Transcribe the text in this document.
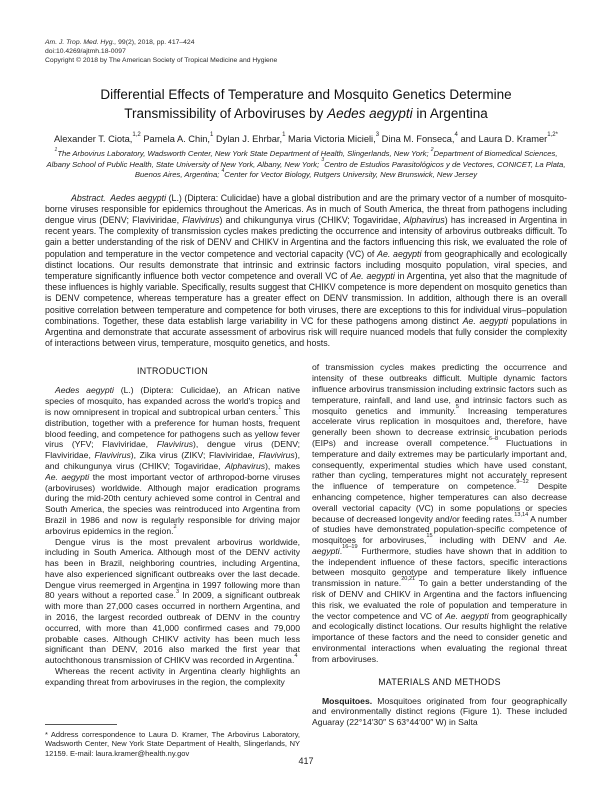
Am. J. Trop. Med. Hyg., 99(2), 2018, pp. 417–424
doi:10.4269/ajtmh.18-0097
Copyright © 2018 by The American Society of Tropical Medicine and Hygiene
Differential Effects of Temperature and Mosquito Genetics Determine Transmissibility of Arboviruses by Aedes aegypti in Argentina
Alexander T. Ciota,$^{1,2}$ Pamela A. Chin,$^1$ Dylan J. Ehrbar,$^1$ Maria Victoria Micieli,$^3$ Dina M. Fonseca,$^4$ and Laura D. Kramer$^{1,2*}$
$^1$The Arbovirus Laboratory, Wadsworth Center, New York State Department of Health, Slingerlands, New York; $^2$Department of Biomedical Sciences, Albany School of Public Health, State University of New York, Albany, New York; $^3$Centro de Estudios Parasitológicos y de Vectores, CONICET, La Plata, Buenos Aires, Argentina; $^4$Center for Vector Biology, Rutgers University, New Brunswick, New Jersey

Abstract.  Aedes aegypti (L.) (Diptera: Culicidae) have a global distribution and are the primary vector of a number of mosquito-borne viruses responsible for epidemics throughout the Americas. As in much of South America, the threat from pathogens including dengue virus (DENV; Flaviviridae, Flavivirus) and chikungunya virus (CHIKV; Togaviridae, Alphavirus) has increased in Argentina in recent years. The complexity of transmission cycles makes predicting the occurrence and intensity of arbovirus outbreaks difficult. To gain a better understanding of the risk of DENV and CHIKV in Argentina and the factors influencing this risk, we evaluated the role of population and temperature in the vector competence and vectorial capacity (VC) of Ae. aegypti from geographically and ecologically distinct locations. Our results demonstrate that intrinsic and extrinsic factors including mosquito population, viral species, and temperature significantly influence both vector competence and overall VC of Ae. aegypti in Argentina, yet also that the magnitude of these influences is highly variable. Specifically, results suggest that CHIKV competence is more dependent on mosquito genetics than is DENV competence, whereas temperature has a greater effect on DENV transmission. In addition, although there is an overall positive correlation between temperature and competence for both viruses, there are exceptions to this for individual virus–population combinations. Together, these data establish large variability in VC for these pathogens among distinct Ae. aegypti populations in Argentina and demonstrate that accurate assessment of arbovirus risk will require nuanced models that fully consider the complexity of interactions between virus, temperature, mosquito genetics, and hosts.

INTRODUCTION

Aedes aegypti (L.) (Diptera: Culicidae), an African native species of mosquito, has expanded across the world's tropics and is now omnipresent in tropical and subtropical urban centers.$^1$ This distribution, together with a preference for human hosts, frequent blood feeding, and competence for pathogens such as yellow fever virus (YFV; Flaviviridae, Flavivirus), dengue virus (DENV; Flaviviridae, Flavivirus), Zika virus (ZIKV; Flaviviridae, Flavivirus), and chikungunya virus (CHIKV; Togaviridae, Alphavirus), makes Ae. aegypti the most important vector of arthropod-borne viruses (arboviruses) worldwide. Although major eradication programs during the mid-20th century achieved some control in Central and South America, the species was reintroduced into Argentina from Brazil in 1986 and now is regularly responsible for driving major arbovirus epidemics in the region.$^2$

Dengue virus is the most prevalent arbovirus worldwide, including in South America. Although most of the DENV activity has been in Brazil, neighboring countries, including Argentina, have also experienced significant outbreaks over the last decade. Dengue virus reemerged in Argentina in 1997 following more than 80 years without a reported case.$^3$ In 2009, a significant outbreak with more than 27,000 cases occurred in northern Argentina, and in 2016, the largest recorded outbreak of DENV in the country occurred, with more than 41,000 confirmed cases and 79,000 probable cases. Although CHIKV activity has been much less significant than DENV, 2016 also marked the first year that autochthonous transmission of CHIKV was recorded in Argentina.$^4$

Whereas the recent activity in Argentina clearly highlights an expanding threat from arboviruses in the region, the complexity

* Address correspondence to Laura D. Kramer, The Arbovirus Laboratory, Wadsworth Center, New York State Department of Health, Slingerlands, NY 12159. E-mail: laura.kramer@health.ny.gov

of transmission cycles makes predicting the occurrence and intensity of these outbreaks difficult. Multiple dynamic factors influence arbovirus transmission including extrinsic factors such as temperature, rainfall, and land use, and intrinsic factors such as mosquito genetics and immunity.$^5$ Increasing temperatures accelerate virus replication in mosquitoes and, therefore, have generally been shown to decrease extrinsic incubation periods (EIPs) and increase overall competence.$^{6-8}$ Fluctuations in temperature and daily extremes may be particularly important and, consequently, experimental studies which have used constant, rather than cycling, temperatures might not accurately represent the influence of temperature on competence.$^{9-12}$ Despite enhancing competence, higher temperatures can also decrease overall vectorial capacity (VC) in some populations or species because of decreased longevity and/or feeding rates.$^{13,14}$ A number of studies have demonstrated population-specific competence of mosquitoes for arboviruses,$^{15}$ including with DENV and Ae. aegypti.$^{16-19}$ Furthermore, studies have shown that in addition to the independent influence of these factors, specific interactions between mosquito genotype and temperature likely influence transmission in nature.$^{20,21}$ To gain a better understanding of the risk of DENV and CHIKV in Argentina and the factors influencing this risk, we evaluated the role of population and temperature in the vector competence and VC of Ae. aegypti from geographically and ecologically distinct locations. Our results highlight the relative importance of these factors and the need to consider genetic and environmental interactions when evaluating the regional threat from arboviruses.

MATERIALS AND METHODS

Mosquitoes. Mosquitoes originated from four geographically and environmentally distinct regions (Figure 1). These included Aguaray (22°14′30″ S 63°44′00″ W) in Salta

417
